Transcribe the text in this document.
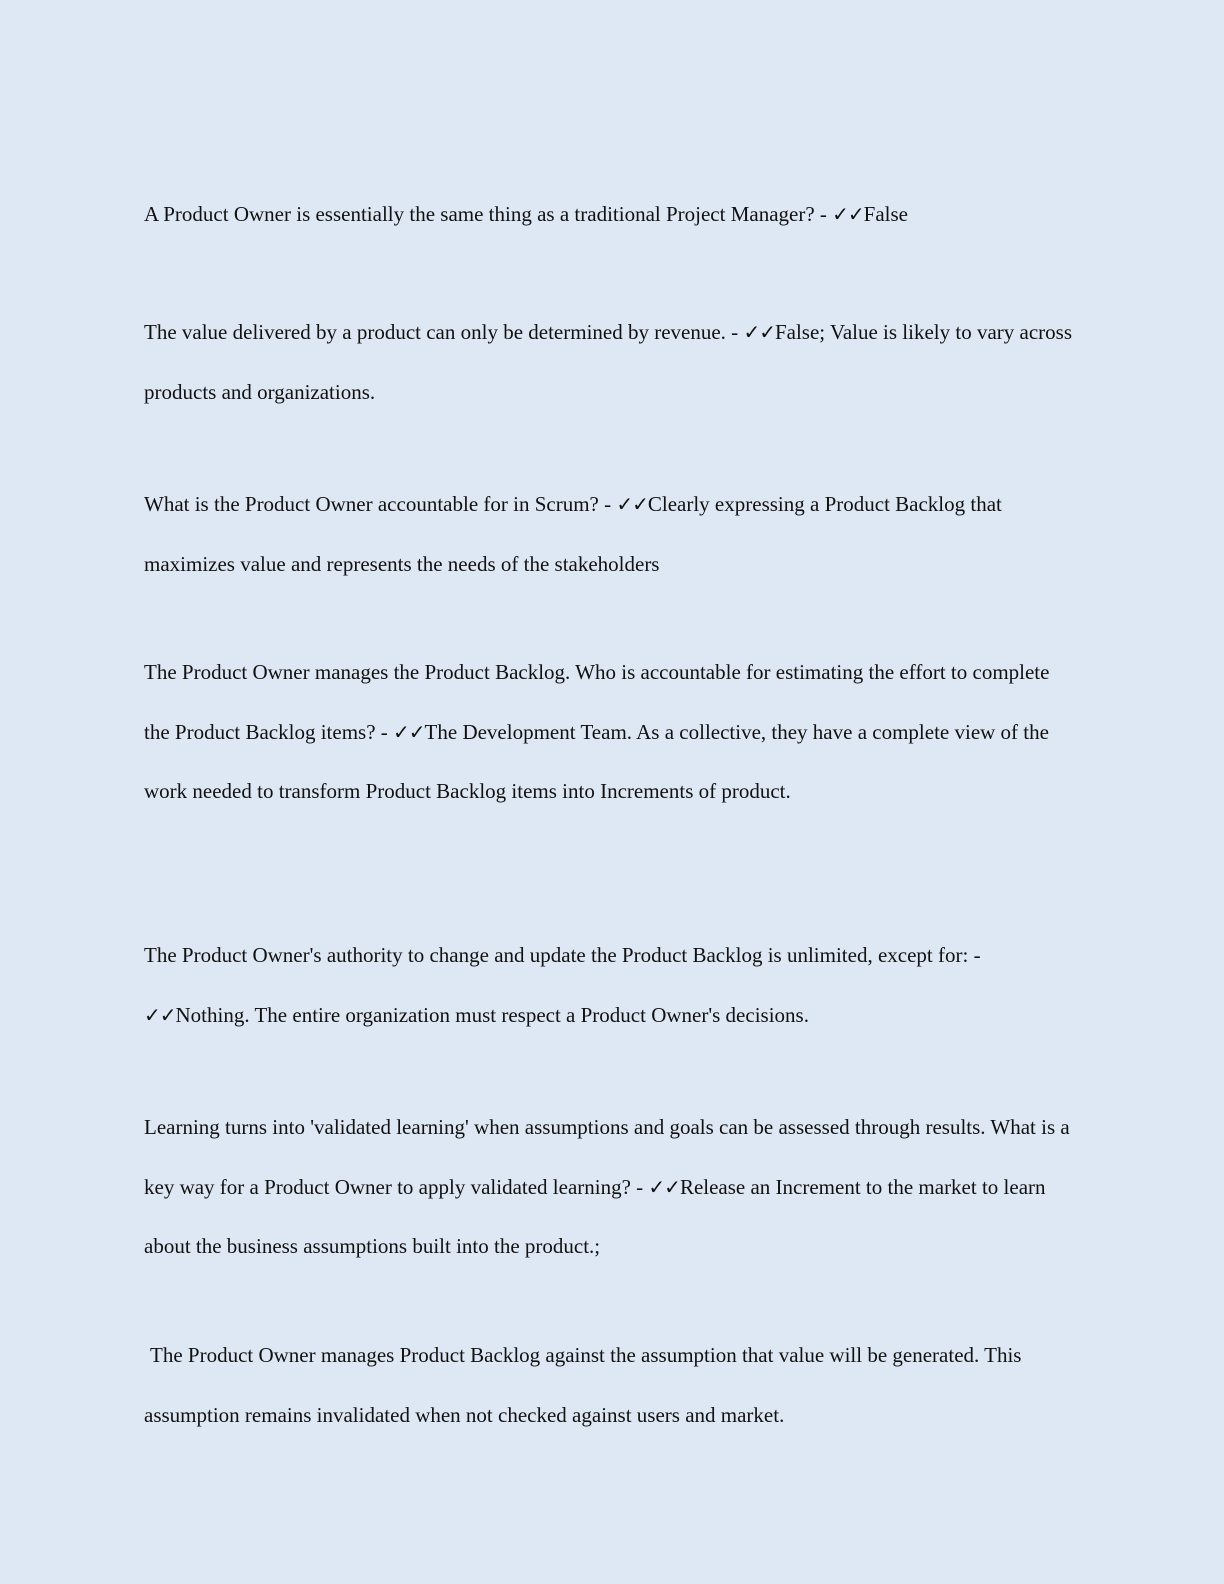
A Product Owner is essentially the same thing as a traditional Project Manager? - ✓✓False

The value delivered by a product can only be determined by revenue. - ✓✓False; Value is likely to vary across products and organizations.

What is the Product Owner accountable for in Scrum? - ✓✓Clearly expressing a Product Backlog that maximizes value and represents the needs of the stakeholders

The Product Owner manages the Product Backlog. Who is accountable for estimating the effort to complete the Product Backlog items? - ✓✓The Development Team. As a collective, they have a complete view of the work needed to transform Product Backlog items into Increments of product.

The Product Owner's authority to change and update the Product Backlog is unlimited, except for: - ✓✓Nothing. The entire organization must respect a Product Owner's decisions.

Learning turns into 'validated learning' when assumptions and goals can be assessed through results. What is a key way for a Product Owner to apply validated learning? - ✓✓Release an Increment to the market to learn about the business assumptions built into the product.;

The Product Owner manages Product Backlog against the assumption that value will be generated. This assumption remains invalidated when not checked against users and market.
